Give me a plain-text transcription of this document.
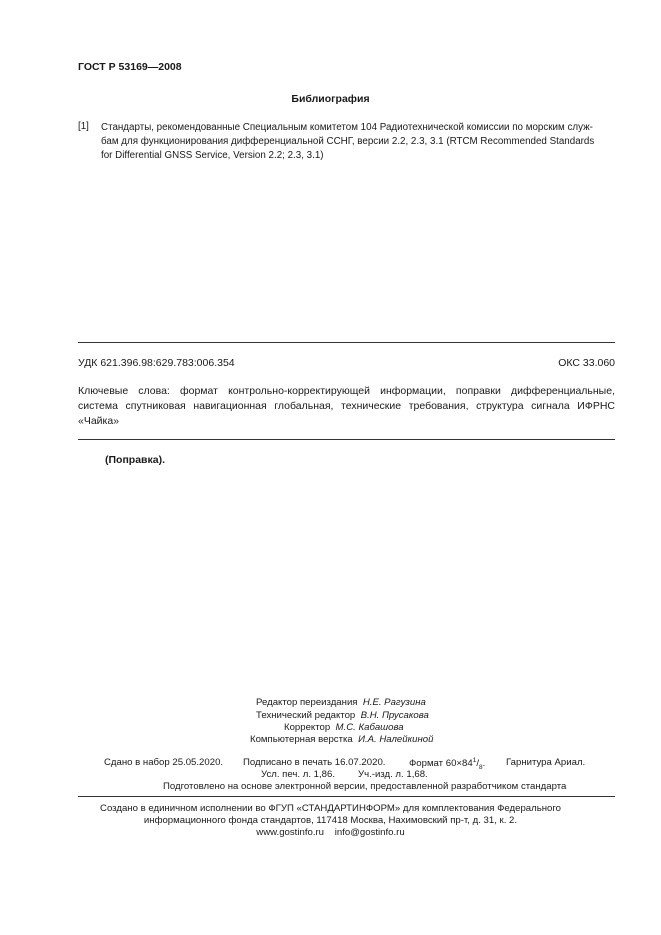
ГОСТ Р 53169—2008
Библиография
[1] Стандарты, рекомендованные Специальным комитетом 104 Радиотехнической комиссии по морским служ-
бам для функционирования дифференциальной ССНГ, версии 2.2, 2.3, 3.1 (RTCM Recommended Standards
for Differential GNSS Service, Version 2.2; 2.3, 3.1)
УДК 621.396.98:629.783:006.354	ОКС 33.060
Ключевые слова: формат контрольно-корректирующей информации, поправки дифференциальные,
система спутниковая навигационная глобальная, технические требования, структура сигнала ИФРНС
«Чайка»
(Поправка).
Редактор переиздания Н.Е. Рагузина
Технический редактор В.Н. Прусакова
Корректор М.С. Кабашова
Компьютерная верстка И.А. Налейкиной
Сдано в набор 25.05.2020. Подписано в печать 16.07.2020. Формат $60\times 84^1/_8$. Гарнитура Ариал.
Усл. печ. л. 1,86. Уч.-изд. л. 1,68.
Подготовлено на основе электронной версии, предоставленной разработчиком стандарта
Создано в единичном исполнении во ФГУП «СТАНДАРТИНФОРМ» для комплектования Федерального
информационного фонда стандартов, 117418 Москва, Нахимовский пр-т, д. 31, к. 2.
www.gostinfo.ru info@gostinfo.ru
